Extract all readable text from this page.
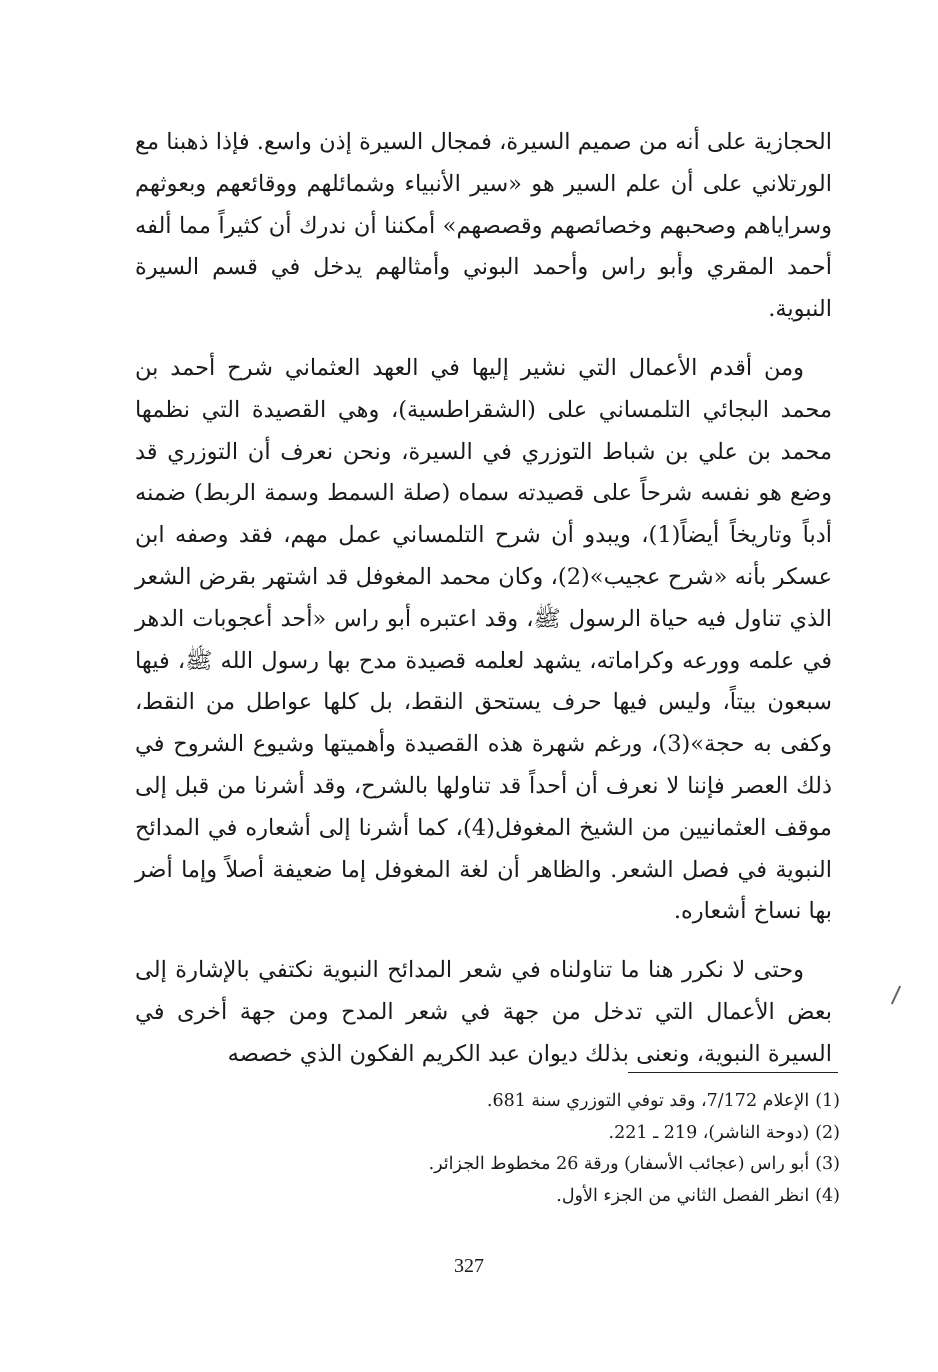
الحجازية على أنه من صميم السيرة، فمجال السيرة إذن واسع. فإذا ذهبنا مع الورتلاني على أن علم السير هو «سير الأنبياء وشمائلهم ووقائعهم وبعوثهم وسراياهم وصحبهم وخصائصهم وقصصهم» أمكننا أن ندرك أن كثيراً مما ألفه أحمد المقري وأبو راس وأحمد البوني وأمثالهم يدخل في قسم السيرة النبوية.

ومن أقدم الأعمال التي نشير إليها في العهد العثماني شرح أحمد بن محمد البجائي التلمساني على (الشقراطسية)، وهي القصيدة التي نظمها محمد بن علي بن شباط التوزري في السيرة، ونحن نعرف أن التوزري قد وضع هو نفسه شرحاً على قصيدته سماه (صلة السمط وسمة الربط) ضمنه أدباً وتاريخاً أيضاً(1)، ويبدو أن شرح التلمساني عمل مهم، فقد وصفه ابن عسكر بأنه «شرح عجيب»(2)، وكان محمد المغوفل قد اشتهر بقرض الشعر الذي تناول فيه حياة الرسول ﷺ، وقد اعتبره أبو راس «أحد أعجوبات الدهر في علمه وورعه وكراماته، يشهد لعلمه قصيدة مدح بها رسول الله ﷺ، فيها سبعون بيتاً، وليس فيها حرف يستحق النقط، بل كلها عواطل من النقط، وكفى به حجة»(3)، ورغم شهرة هذه القصيدة وأهميتها وشيوع الشروح في ذلك العصر فإننا لا نعرف أن أحداً قد تناولها بالشرح، وقد أشرنا من قبل إلى موقف العثمانيين من الشيخ المغوفل(4)، كما أشرنا إلى أشعاره في المدائح النبوية في فصل الشعر. والظاهر أن لغة المغوفل إما ضعيفة أصلاً وإما أضر بها نساخ أشعاره.

وحتى لا نكرر هنا ما تناولناه في شعر المدائح النبوية نكتفي بالإشارة إلى بعض الأعمال التي تدخل من جهة في شعر المدح ومن جهة أخرى في السيرة النبوية، ونعنى بذلك ديوان عبد الكريم الفكون الذي خصصه

(1)الإعلام 7/172، وقد توفي التوزري سنة 681.
(2)(دوحة الناشر)، 219 ـ 221.
(3)أبو راس (عجائب الأسفار) ورقة 26 مخطوط الجزائر.
(4)انظر الفصل الثاني من الجزء الأول.
327
